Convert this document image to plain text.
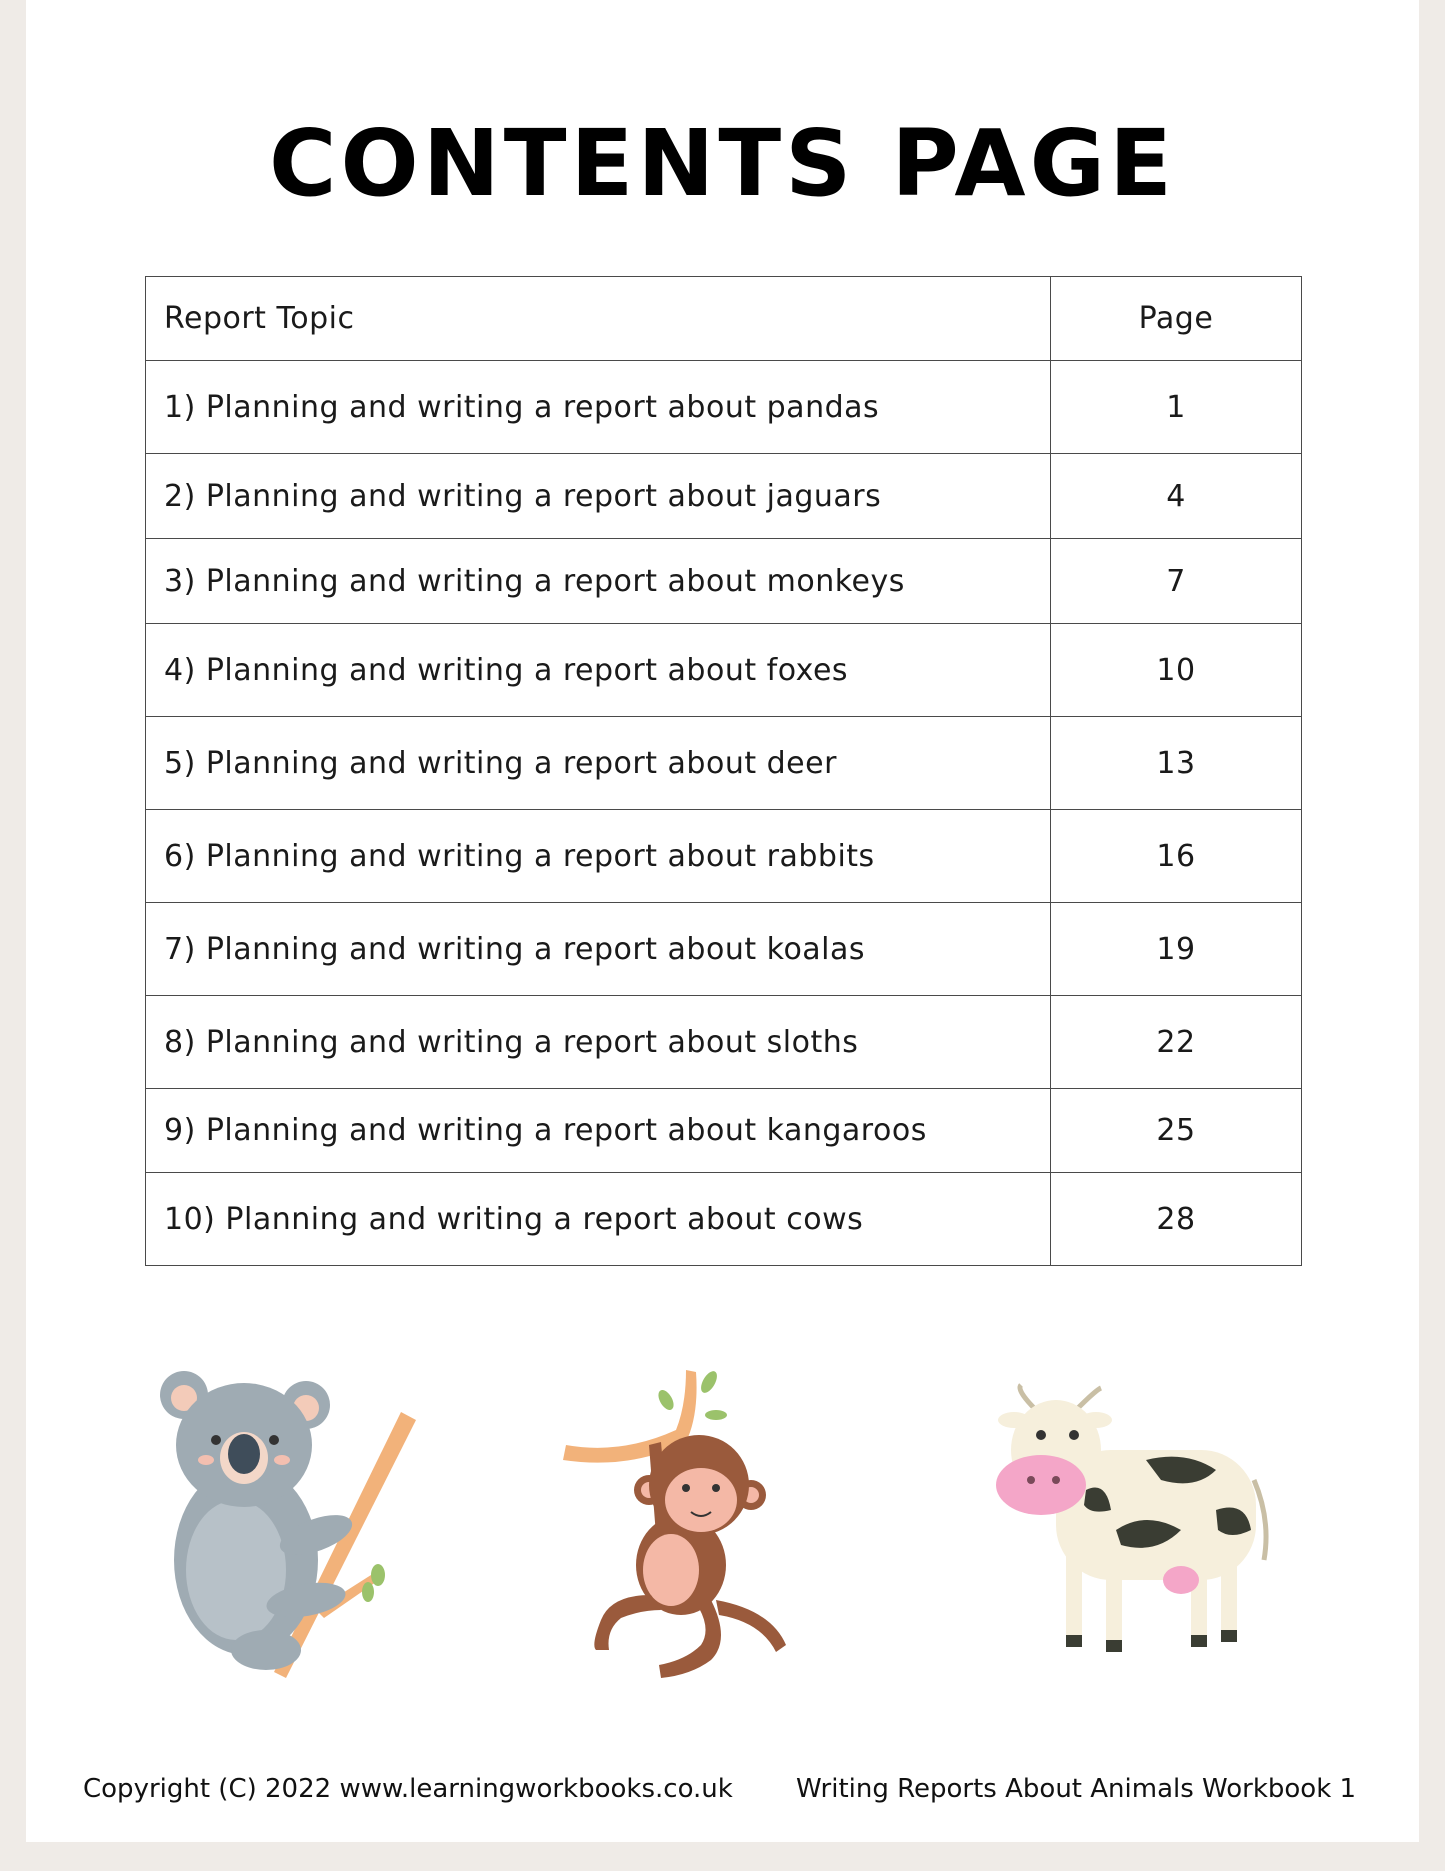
CONTENTS PAGE
Report Topic	Page
1) Planning and writing a report about pandas	1
2) Planning and writing a report about jaguars	4
3) Planning and writing a report about monkeys	7
4) Planning and writing a report about foxes	10
5) Planning and writing a report about deer	13
6) Planning and writing a report about rabbits	16
7) Planning and writing a report about koalas	19
8) Planning and writing a report about sloths	22
9) Planning and writing a report about kangaroos	25
10) Planning and writing a report about cows	28
Copyright (C) 2022 www.learningworkbooks.co.uk Writing Reports About Animals Workbook 1
